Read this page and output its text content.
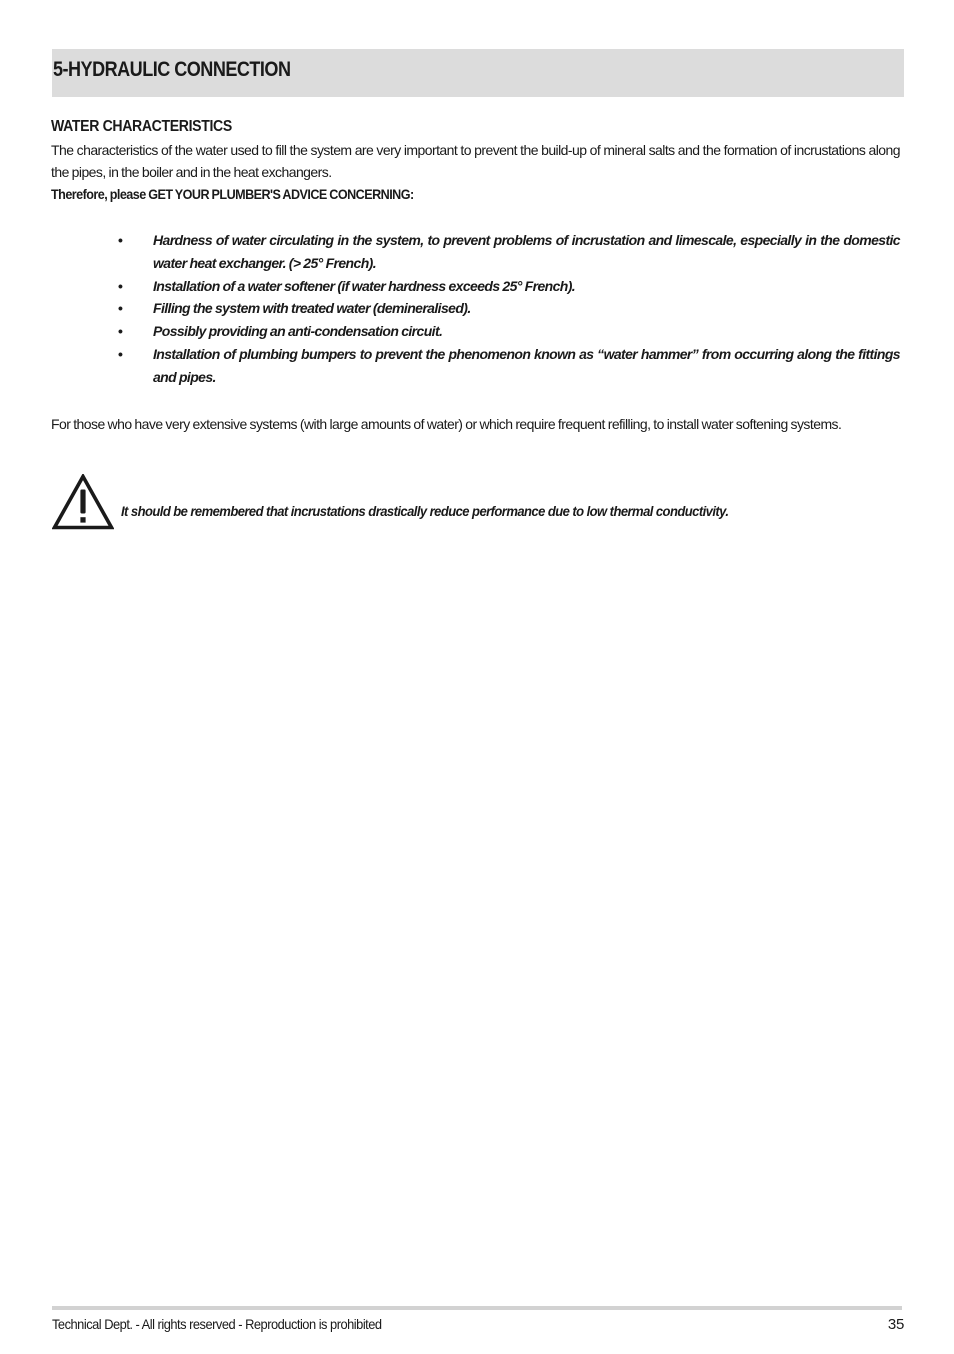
5-HYDRAULIC CONNECTION
WATER CHARACTERISTICS

The characteristics of the water used to fill the system are very important to prevent the build-up of mineral salts and the formation of incrustations along the pipes, in the boiler and in the heat exchangers.

Therefore, please GET YOUR PLUMBER'S ADVICE CONCERNING:

• Hardness of water circulating in the system, to prevent problems of incrustation and limescale, especially in the domestic water heat exchanger. (> 25° French).
• Installation of a water softener (if water hardness exceeds 25° French).
• Filling the system with treated water (demineralised).
• Possibly providing an anti-condensation circuit.
• Installation of plumbing bumpers to prevent the phenomenon known as “water hammer” from occurring along the fittings and pipes.

For those who have very extensive systems (with large amounts of water) or which require frequent refilling, to install water softening systems.

It should be remembered that incrustations drastically reduce performance due to low thermal conductivity.

Technical Dept. - All rights reserved - Reproduction is prohibited	35
